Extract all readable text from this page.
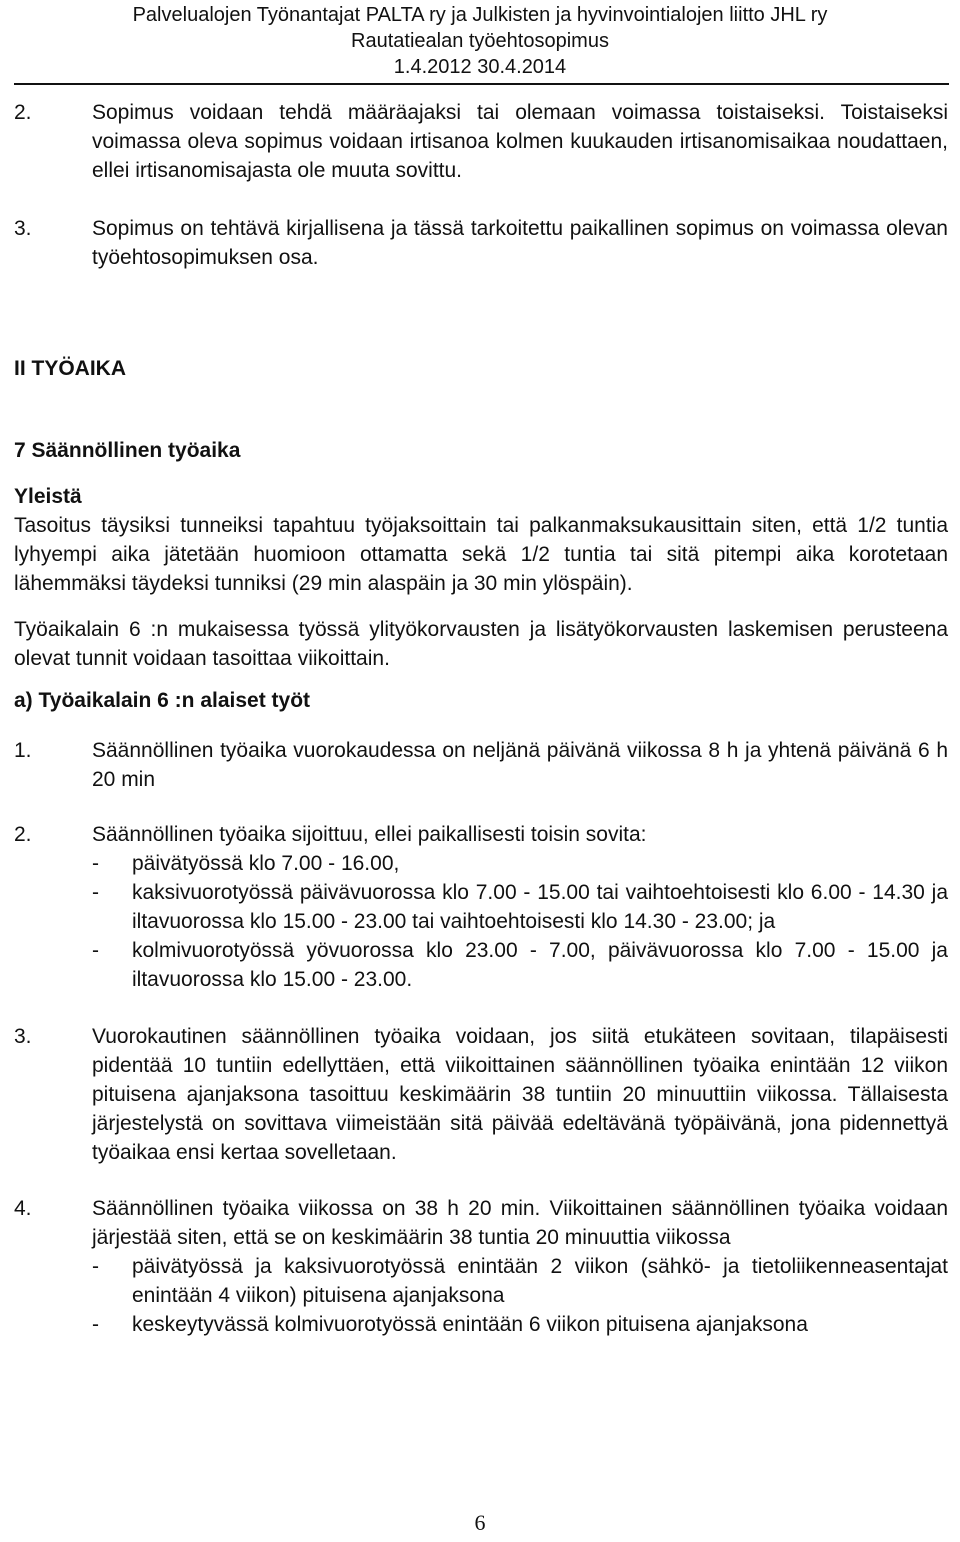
Palvelualojen Työnantajat PALTA ry ja Julkisten ja hyvinvointialojen liitto JHL ry
Rautatiealan työehtosopimus
1.4.2012 30.4.2014
2.	Sopimus voidaan tehdä määräajaksi tai olemaan voimassa toistaiseksi. Toistaiseksi voimassa oleva sopimus voidaan irtisanoa kolmen kuukauden irtisanomisaikaa noudattaen, ellei irtisanomisajasta ole muuta sovittu.
3.	Sopimus on tehtävä kirjallisena ja tässä tarkoitettu paikallinen sopimus on voimassa olevan työehtosopimuksen osa.

II TYÖAIKA

7 Säännöllinen työaika

Yleistä

Tasoitus täysiksi tunneiksi tapahtuu työjaksoittain tai palkanmaksukausittain siten, että 1/2 tuntia lyhyempi aika jätetään huomioon ottamatta sekä 1/2 tuntia tai sitä pitempi aika korotetaan lähemmäksi täydeksi tunniksi (29 min alaspäin ja 30 min ylöspäin).

Työaikalain 6 :n mukaisessa työssä ylityökorvausten ja lisätyökorvausten laskemisen perusteena olevat tunnit voidaan tasoittaa viikoittain.

a) Työaikalain 6 :n alaiset työt

1.	Säännöllinen työaika vuorokaudessa on neljänä päivänä viikossa 8 h ja yhtenä päivänä 6 h 20 min
2.	Säännöllinen työaika sijoittuu, ellei paikallisesti toisin sovita:
-	päivätyössä klo 7.00 - 16.00,
-	kaksivuorotyössä päivävuorossa klo 7.00 - 15.00 tai vaihtoehtoisesti klo 6.00 - 14.30 ja iltavuorossa klo 15.00 - 23.00 tai vaihtoehtoisesti klo 14.30 - 23.00; ja
-	kolmivuorotyössä yövuorossa klo 23.00 - 7.00, päivävuorossa klo 7.00 - 15.00 ja iltavuorossa klo 15.00 - 23.00.
3.	Vuorokautinen säännöllinen työaika voidaan, jos siitä etukäteen sovitaan, tilapäisesti pidentää 10 tuntiin edellyttäen, että viikoittainen säännöllinen työaika enintään 12 viikon pituisena ajanjaksona tasoittuu keskimäärin 38 tuntiin 20 minuuttiin viikossa. Tällaisesta järjestelystä on sovittava viimeistään sitä päivää edeltävänä työpäivänä, jona pidennettyä työaikaa ensi kertaa sovelletaan.
4.	Säännöllinen työaika viikossa on 38 h 20 min. Viikoittainen säännöllinen työaika voidaan järjestää siten, että se on keskimäärin 38 tuntia 20 minuuttia viikossa
-	päivätyössä ja kaksivuorotyössä enintään 2 viikon (sähkö- ja tietoliikenneasentajat enintään 4 viikon) pituisena ajanjaksona
-	keskeytyvässä kolmivuorotyössä enintään 6 viikon pituisena ajanjaksona
6
